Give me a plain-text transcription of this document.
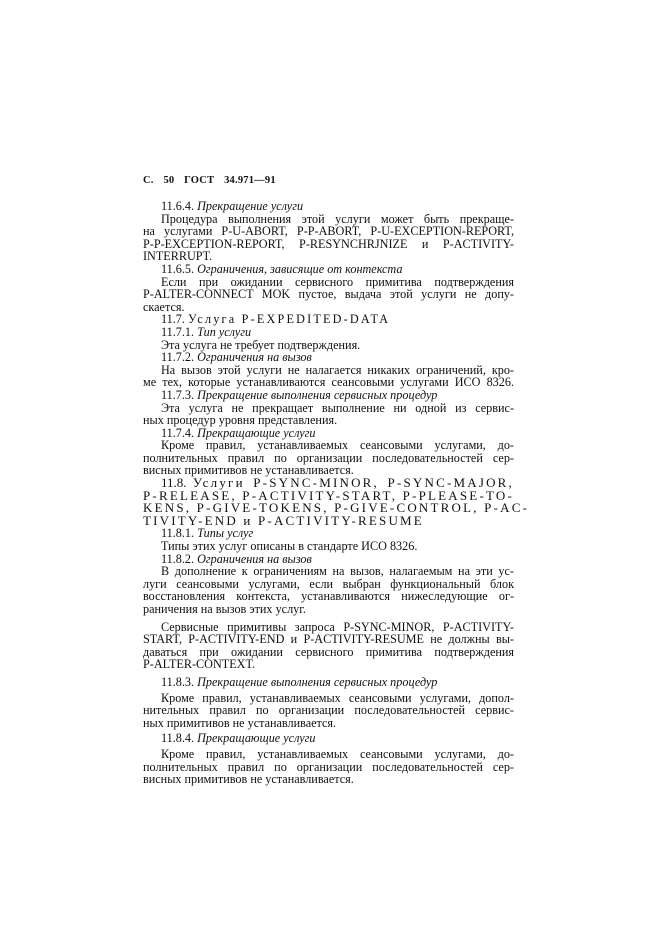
С. 50 ГОСТ 34.971—91
11.6.4. Прекращение услуги
Процедура выполнения этой услуги может быть прекраще-
на услугами P-U-ABORT, P-P-ABORT, P-U-EXCEPTION-REPORT,
P-P-EXCEPTION-REPORT, P-RESYNCHRJNIZE и P-ACTIVITY-
INTERRUPT.
11.6.5. Ограничения, зависящие от контекста
Если при ожидании сервисного примитива подтверждения
P-ALTER-CONNECT MOK пустое, выдача этой услуги не допу-
скается.
11.7. Услуга P-EXPEDITED-DATA
11.7.1. Тип услуги
Эта услуга не требует подтверждения.
11.7.2. Ограничения на вызов
На вызов этой услуги не налагается никаких ограничений, кро-
ме тех, которые устанавливаются сеансовыми услугами ИСО 8326.
11.7.3. Прекращение выполнения сервисных процедур
Эта услуга не прекращает выполнение ни одной из сервис-
ных процедур уровня представления.
11.7.4. Прекращающие услуги
Кроме правил, устанавливаемых сеансовыми услугами, до-
полнительных правил по организации последовательностей сер-
висных примитивов не устанавливается.
11.8. Услуги P-SYNC-MINOR, P-SYNC-MAJOR,
P-RELEASE, P-ACTIVITY-START, P-PLEASE-TO-
KENS, P-GIVE-TOKENS, P-GIVE-CONTROL, P-AC-
TIVITY-END и P-ACTIVITY-RESUME
11.8.1. Типы услуг
Типы этих услуг описаны в стандарте ИСО 8326.
11.8.2. Ограничения на вызов
В дополнение к ограничениям на вызов, налагаемым на эти ус-
луги сеансовыми услугами, если выбран функциональный блок
восстановления контекста, устанавливаются нижеследующие ог-
раничения на вызов этих услуг.
Сервисные примитивы запроса P-SYNC-MINOR, P-ACTIVITY-
START, P-ACTIVITY-END и P-ACTIVITY-RESUME не должны вы-
даваться при ожидании сервисного примитива подтверждения
P-ALTER-CONTEXT.
11.8.3. Прекращение выполнения сервисных процедур
Кроме правил, устанавливаемых сеансовыми услугами, допол-
нительных правил по организации последовательностей сервис-
ных примитивов не устанавливается.
11.8.4. Прекращающие услуги
Кроме правил, устанавливаемых сеансовыми услугами, до-
полнительных правил по организации последовательностей сер-
висных примитивов не устанавливается.
